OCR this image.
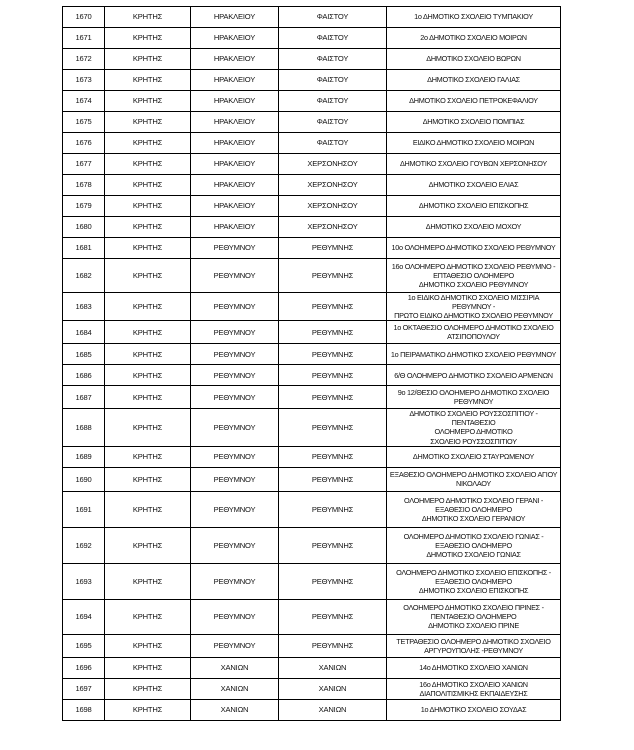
1670	ΚΡΗΤΗΣ	ΗΡΑΚΛΕΙΟΥ	ΦΑΙΣΤΟΥ	1ο ΔΗΜΟΤΙΚΟ ΣΧΟΛΕΙΟ ΤΥΜΠΑΚΙΟΥ

1671	ΚΡΗΤΗΣ	ΗΡΑΚΛΕΙΟΥ	ΦΑΙΣΤΟΥ	2ο ΔΗΜΟΤΙΚΟ ΣΧΟΛΕΙΟ ΜΟΙΡΩΝ

1672	ΚΡΗΤΗΣ	ΗΡΑΚΛΕΙΟΥ	ΦΑΙΣΤΟΥ	ΔΗΜΟΤΙΚΟ ΣΧΟΛΕΙΟ ΒΩΡΩΝ

1673	ΚΡΗΤΗΣ	ΗΡΑΚΛΕΙΟΥ	ΦΑΙΣΤΟΥ	ΔΗΜΟΤΙΚΟ ΣΧΟΛΕΙΟ ΓΑΛΙΑΣ

1674	ΚΡΗΤΗΣ	ΗΡΑΚΛΕΙΟΥ	ΦΑΙΣΤΟΥ	ΔΗΜΟΤΙΚΟ ΣΧΟΛΕΙΟ ΠΕΤΡΟΚΕΦΑΛΙΟΥ

1675	ΚΡΗΤΗΣ	ΗΡΑΚΛΕΙΟΥ	ΦΑΙΣΤΟΥ	ΔΗΜΟΤΙΚΟ ΣΧΟΛΕΙΟ ΠΟΜΠΙΑΣ

1676	ΚΡΗΤΗΣ	ΗΡΑΚΛΕΙΟΥ	ΦΑΙΣΤΟΥ	ΕΙΔΙΚΟ ΔΗΜΟΤΙΚΟ ΣΧΟΛΕΙΟ ΜΟΙΡΩΝ

1677	ΚΡΗΤΗΣ	ΗΡΑΚΛΕΙΟΥ	ΧΕΡΣΟΝΗΣΟΥ	ΔΗΜΟΤΙΚΟ ΣΧΟΛΕΙΟ ΓΟΥΒΩΝ ΧΕΡΣΟΝΗΣΟΥ

1678	ΚΡΗΤΗΣ	ΗΡΑΚΛΕΙΟΥ	ΧΕΡΣΟΝΗΣΟΥ	ΔΗΜΟΤΙΚΟ ΣΧΟΛΕΙΟ ΕΛΙΑΣ

1679	ΚΡΗΤΗΣ	ΗΡΑΚΛΕΙΟΥ	ΧΕΡΣΟΝΗΣΟΥ	ΔΗΜΟΤΙΚΟ ΣΧΟΛΕΙΟ ΕΠΙΣΚΟΠΗΣ

1680	ΚΡΗΤΗΣ	ΗΡΑΚΛΕΙΟΥ	ΧΕΡΣΟΝΗΣΟΥ	ΔΗΜΟΤΙΚΟ ΣΧΟΛΕΙΟ ΜΟΧΟΥ

1681	ΚΡΗΤΗΣ	ΡΕΘΥΜΝΟΥ	ΡΕΘΥΜΝΗΣ	10ο ΟΛΟΗΜΕΡΟ ΔΗΜΟΤΙΚΟ ΣΧΟΛΕΙΟ ΡΕΘΥΜΝΟΥ

1682	ΚΡΗΤΗΣ	ΡΕΘΥΜΝΟΥ	ΡΕΘΥΜΝΗΣ	16ο ΟΛΟΗΜΕΡΟ ΔΗΜΟΤΙΚΟ ΣΧΟΛΕΙΟ ΡΕΘΥΜΝΟ -
ΕΠΤΑΘΕΣΙΟ ΟΛΟΗΜΕΡΟ
ΔΗΜΟΤΙΚΟ ΣΧΟΛΕΙΟ ΡΕΘΥΜΝΟΥ

1683	ΚΡΗΤΗΣ	ΡΕΘΥΜΝΟΥ	ΡΕΘΥΜΝΗΣ	1ο ΕΙΔΙΚΟ ΔΗΜΟΤΙΚΟ ΣΧΟΛΕΙΟ ΜΙΣΣΙΡΙΑ ΡΕΘΥΜΝΟΥ -
ΠΡΩΤΟ ΕΙΔΙΚΟ ΔΗΜΟΤΙΚΟ ΣΧΟΛΕΙΟ ΡΕΘΥΜΝΟΥ

1684	ΚΡΗΤΗΣ	ΡΕΘΥΜΝΟΥ	ΡΕΘΥΜΝΗΣ	1ο ΟΚΤΑΘΕΣΙΟ ΟΛΟΗΜΕΡΟ ΔΗΜΟΤΙΚΟ ΣΧΟΛΕΙΟ
ΑΤΣΙΠΟΠΟΥΛΟΥ

1685	ΚΡΗΤΗΣ	ΡΕΘΥΜΝΟΥ	ΡΕΘΥΜΝΗΣ	1ο ΠΕΙΡΑΜΑΤΙΚΟ ΔΗΜΟΤΙΚΟ ΣΧΟΛΕΙΟ ΡΕΘΥΜΝΟΥ

1686	ΚΡΗΤΗΣ	ΡΕΘΥΜΝΟΥ	ΡΕΘΥΜΝΗΣ	6/Θ ΟΛΟΗΜΕΡΟ ΔΗΜΟΤΙΚΟ ΣΧΟΛΕΙΟ ΑΡΜΕΝΩΝ

1687	ΚΡΗΤΗΣ	ΡΕΘΥΜΝΟΥ	ΡΕΘΥΜΝΗΣ	9ο 12/ΘΕΣΙΟ ΟΛΟΗΜΕΡΟ ΔΗΜΟΤΙΚΟ ΣΧΟΛΕΙΟ
ΡΕΘΥΜΝΟΥ

1688	ΚΡΗΤΗΣ	ΡΕΘΥΜΝΟΥ	ΡΕΘΥΜΝΗΣ	ΔΗΜΟΤΙΚΟ ΣΧΟΛΕΙΟ ΡΟΥΣΣΟΣΠΙΤΙΟΥ - ΠΕΝΤΑΘΕΣΙΟ
ΟΛΟΗΜΕΡΟ ΔΗΜΟΤΙΚΟ
ΣΧΟΛΕΙΟ ΡΟΥΣΣΟΣΠΙΤΙΟΥ

1689	ΚΡΗΤΗΣ	ΡΕΘΥΜΝΟΥ	ΡΕΘΥΜΝΗΣ	ΔΗΜΟΤΙΚΟ ΣΧΟΛΕΙΟ ΣΤΑΥΡΩΜΕΝΟΥ

1690	ΚΡΗΤΗΣ	ΡΕΘΥΜΝΟΥ	ΡΕΘΥΜΝΗΣ	ΕΞΑΘΕΣΙΟ ΟΛΟΗΜΕΡΟ ΔΗΜΟΤΙΚΟ ΣΧΟΛΕΙΟ ΑΓΙΟΥ
ΝΙΚΟΛΑΟΥ

1691	ΚΡΗΤΗΣ	ΡΕΘΥΜΝΟΥ	ΡΕΘΥΜΝΗΣ	ΟΛΟΗΜΕΡΟ ΔΗΜΟΤΙΚΟ ΣΧΟΛΕΙΟ ΓΕΡΑΝΙ -
ΕΞΑΘΕΣΙΟ ΟΛΟΗΜΕΡΟ
ΔΗΜΟΤΙΚΟ ΣΧΟΛΕΙΟ ΓΕΡΑΝΙΟΥ

1692	ΚΡΗΤΗΣ	ΡΕΘΥΜΝΟΥ	ΡΕΘΥΜΝΗΣ	ΟΛΟΗΜΕΡΟ ΔΗΜΟΤΙΚΟ ΣΧΟΛΕΙΟ ΓΩΝΙΑΣ -
ΕΞΑΘΕΣΙΟ ΟΛΟΗΜΕΡΟ
ΔΗΜΟΤΙΚΟ ΣΧΟΛΕΙΟ ΓΩΝΙΑΣ

1693	ΚΡΗΤΗΣ	ΡΕΘΥΜΝΟΥ	ΡΕΘΥΜΝΗΣ	ΟΛΟΗΜΕΡΟ ΔΗΜΟΤΙΚΟ ΣΧΟΛΕΙΟ ΕΠΙΣΚΟΠΗΣ -
ΕΞΑΘΕΣΙΟ ΟΛΟΗΜΕΡΟ
ΔΗΜΟΤΙΚΟ ΣΧΟΛΕΙΟ ΕΠΙΣΚΟΠΗΣ

1694	ΚΡΗΤΗΣ	ΡΕΘΥΜΝΟΥ	ΡΕΘΥΜΝΗΣ	ΟΛΟΗΜΕΡΟ ΔΗΜΟΤΙΚΟ ΣΧΟΛΕΙΟ ΠΡΙΝΕΣ -
ΠΕΝΤΑΘΕΣΙΟ ΟΛΟΗΜΕΡΟ
ΔΗΜΟΤΙΚΟ ΣΧΟΛΕΙΟ ΠΡΙΝΕ

1695	ΚΡΗΤΗΣ	ΡΕΘΥΜΝΟΥ	ΡΕΘΥΜΝΗΣ	ΤΕΤΡΑΘΕΣΙΟ ΟΛΟΗΜΕΡΟ ΔΗΜΟΤΙΚΟ ΣΧΟΛΕΙΟ
ΑΡΓΥΡΟΥΠΟΛΗΣ -ΡΕΘΥΜΝΟΥ

1696	ΚΡΗΤΗΣ	ΧΑΝΙΩΝ	ΧΑΝΙΩΝ	14ο ΔΗΜΟΤΙΚΟ ΣΧΟΛΕΙΟ ΧΑΝΙΩΝ

1697	ΚΡΗΤΗΣ	ΧΑΝΙΩΝ	ΧΑΝΙΩΝ	16ο ΔΗΜΟΤΙΚΟ ΣΧΟΛΕΙΟ ΧΑΝΙΩΝ
ΔΙΑΠΟΛΙΤΙΣΜΙΚΗΣ ΕΚΠΑΙΔΕΥΣΗΣ

1698	ΚΡΗΤΗΣ	ΧΑΝΙΩΝ	ΧΑΝΙΩΝ	1ο ΔΗΜΟΤΙΚΟ ΣΧΟΛΕΙΟ ΣΟΥΔΑΣ
